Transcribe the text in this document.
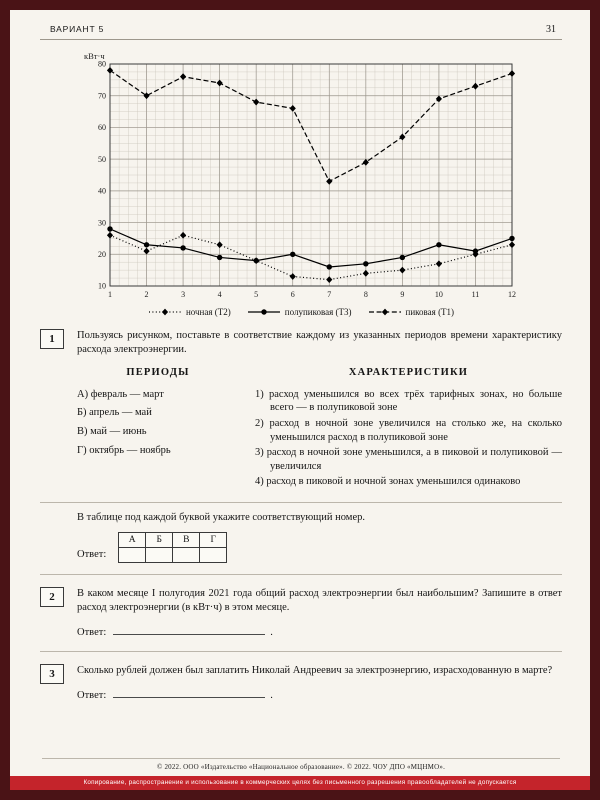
ВАРИАНТ 5	31
10
20
30
40
50
60
70
80
1	2	3	4	5	6	7	8	9	10	11	12
кВт·ч
ночная (Т2)	полупиковая (Т3)	пиковая (Т1)
1	Пользуясь рисунком, поставьте в соответствие каждому из указанных периодов времени характеристику расхода электроэнергии.

ПЕРИОДЫ
А) февраль — март
Б) апрель — май
В) май — июнь
Г) октябрь — ноябрь
ХАРАКТЕРИСТИКИ
1) расход уменьшился во всех трёх тарифных зонах, но больше всего — в полупиковой зоне
2) расход в ночной зоне увеличился на столько же, на сколько уменьшился расход в полупиковой зоне
3) расход в ночной зоне уменьшился, а в пиковой и полупиковой — увеличился
4) расход в пиковой и ночной зонах уменьшился одинаково

В таблице под каждой буквой укажите соответствующий номер.

Ответ:
А	Б	В	Г

2	В каком месяце I полугодия 2021 года общий расход электроэнергии был наибольшим? Запишите в ответ расход электроэнергии (в кВт·ч) в этом месяце.

Ответ:	.
3	Сколько рублей должен был заплатить Николай Андреевич за электроэнергию, израсходованную в марте?

Ответ:	.
© 2022. ООО «Издательство «Национальное образование». © 2022. ЧОУ ДПО «МЦНМО».
Копирование, распространение и использование в коммерческих целях без письменного разрешения правообладателей не допускается
